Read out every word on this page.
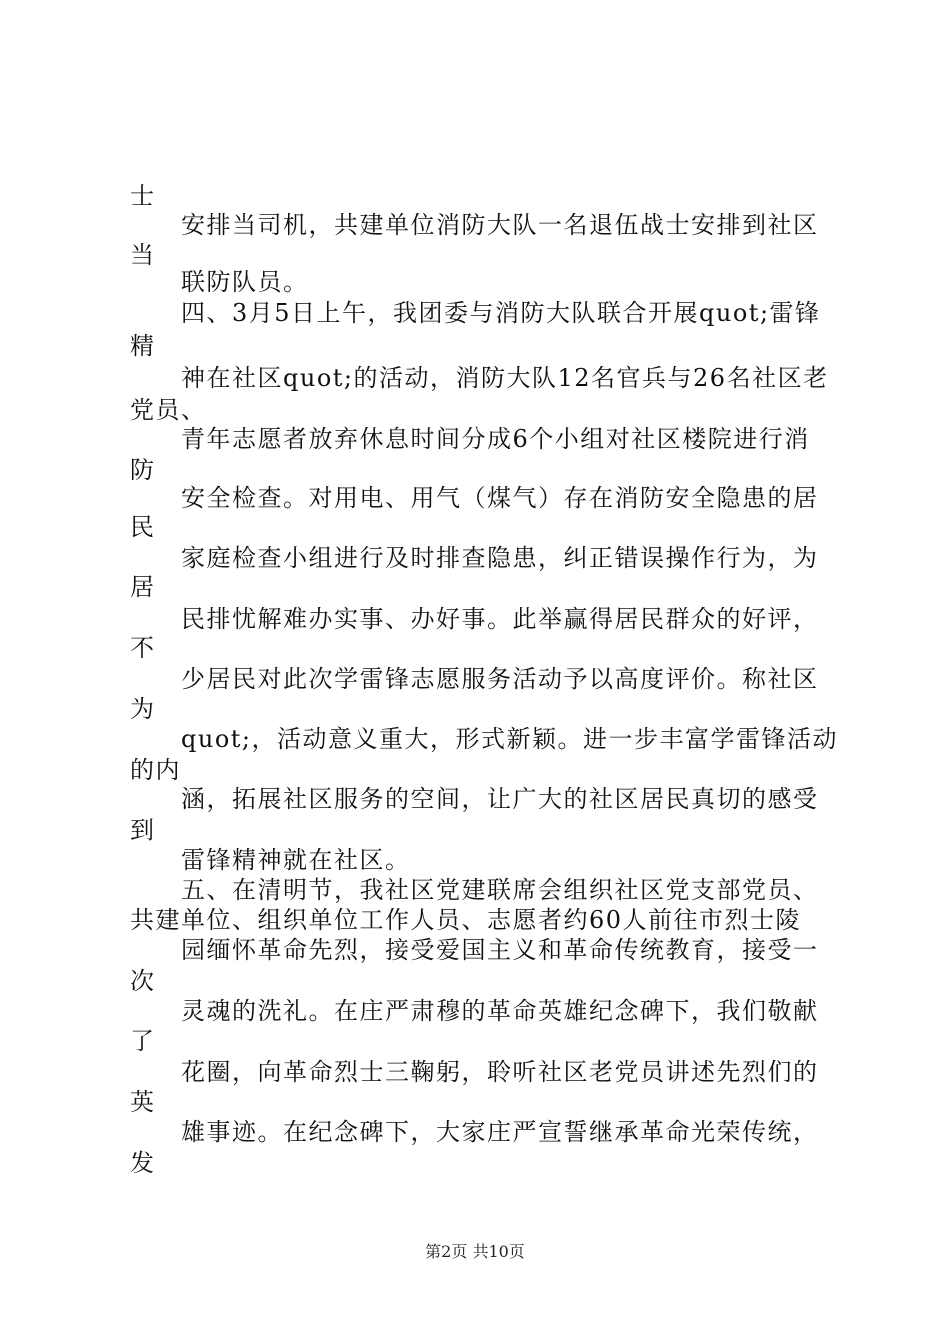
士
安排当司机，共建单位消防大队一名退伍战士安排到社区
当
联防队员。
四、3月5日上午，我团委与消防大队联合开展quot;雷锋
精
神在社区quot;的活动，消防大队12名官兵与26名社区老
党员、
青年志愿者放弃休息时间分成6个小组对社区楼院进行消
防
安全检查。对用电、用气（煤气）存在消防安全隐患的居
民
家庭检查小组进行及时排查隐患，纠正错误操作行为，为
居
民排忧解难办实事、办好事。此举赢得居民群众的好评，
不
少居民对此次学雷锋志愿服务活动予以高度评价。称社区
为
quot;，活动意义重大，形式新颖。进一步丰富学雷锋活动
的内
涵，拓展社区服务的空间，让广大的社区居民真切的感受
到
雷锋精神就在社区。
五、在清明节，我社区党建联席会组织社区党支部党员、
共建单位、组织单位工作人员、志愿者约60人前往市烈士陵
园缅怀革命先烈，接受爱国主义和革命传统教育，接受一
次
灵魂的洗礼。在庄严肃穆的革命英雄纪念碑下，我们敬献
了
花圈，向革命烈士三鞠躬，聆听社区老党员讲述先烈们的
英
雄事迹。在纪念碑下，大家庄严宣誓继承革命光荣传统，
发
第2页 共10页
